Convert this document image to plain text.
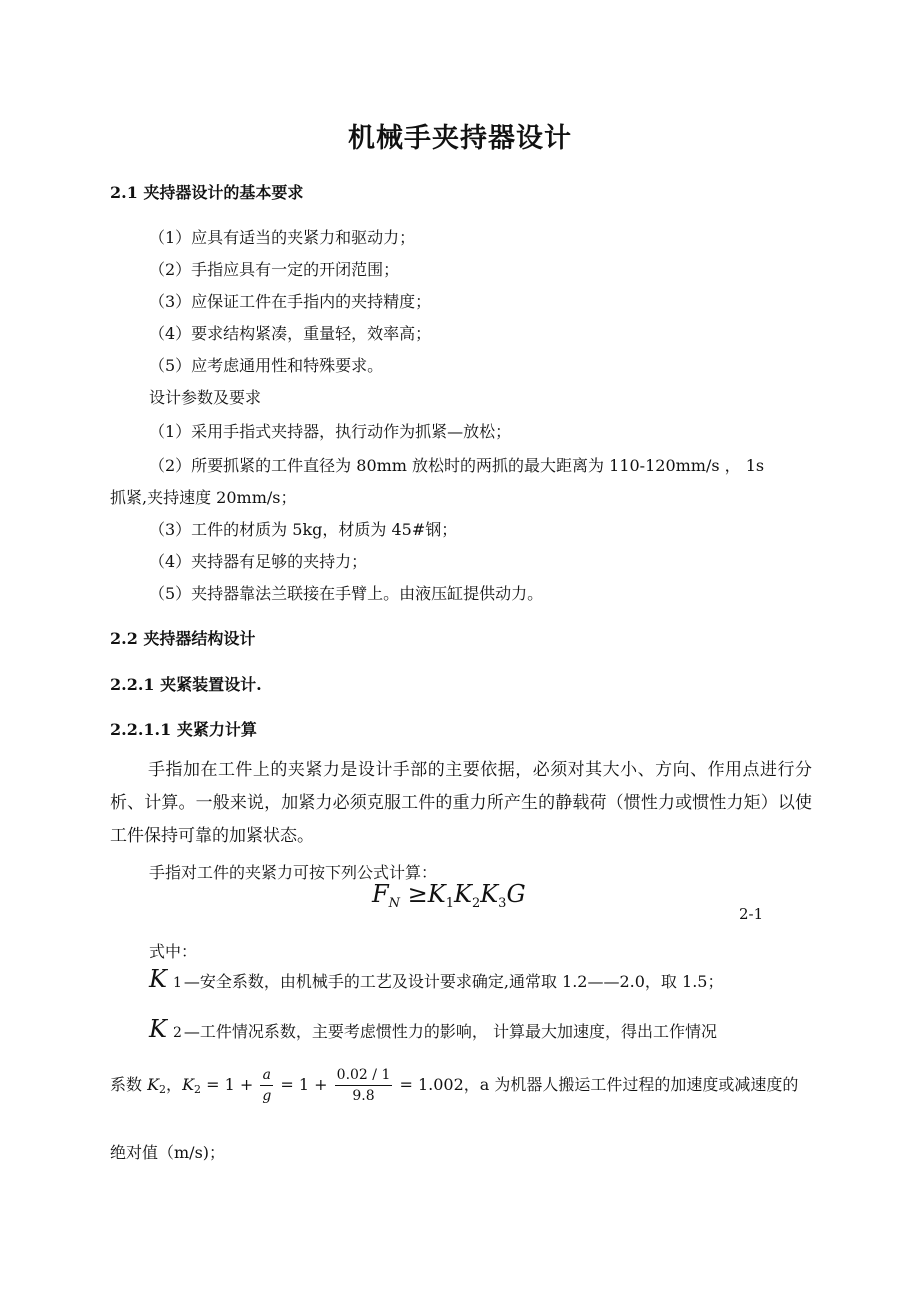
机械手夹持器设计
2.1 夹持器设计的基本要求
（1）应具有适当的夹紧力和驱动力；
（2）手指应具有一定的开闭范围；
（3）应保证工件在手指内的夹持精度；
（4）要求结构紧凑，重量轻，效率高；
（5）应考虑通用性和特殊要求。
设计参数及要求
（1）采用手指式夹持器，执行动作为抓紧—放松；
（2）所要抓紧的工件直径为 80mm 放松时的两抓的最大距离为 110-120mm/s ， 1s
抓紧,夹持速度 20mm/s；
（3）工件的材质为 5kg，材质为 45#钢；
（4）夹持器有足够的夹持力；
（5）夹持器靠法兰联接在手臂上。由液压缸提供动力。
2.2 夹持器结构设计
2.2.1 夹紧装置设计.
2.2.1.1 夹紧力计算
手指加在工件上的夹紧力是设计手部的主要依据，必须对其大小、方向、作用点进行分析、计算。一般来说，加紧力必须克服工件的重力所产生的静载荷（惯性力或惯性力矩）以使工件保持可靠的加紧状态。
手指对工件的夹紧力可按下列公式计算：
$F_N \ge K_1K_2K_3G$
2-1
式中：
K 1 —安全系数，由机械手的工艺及设计要求确定,通常取 1.2——2.0，取 1.5；
K 2 —工件情况系数，主要考虑惯性力的影响， 计算最大加速度，得出工作情况
系数 K2，$K2 = 1 + \frac{a}{g} = 1 + \frac{0.02 / 1}{9.8} = 1.002$，a 为机器人搬运工件过程的加速度或减速度的
绝对值（m/s)；
